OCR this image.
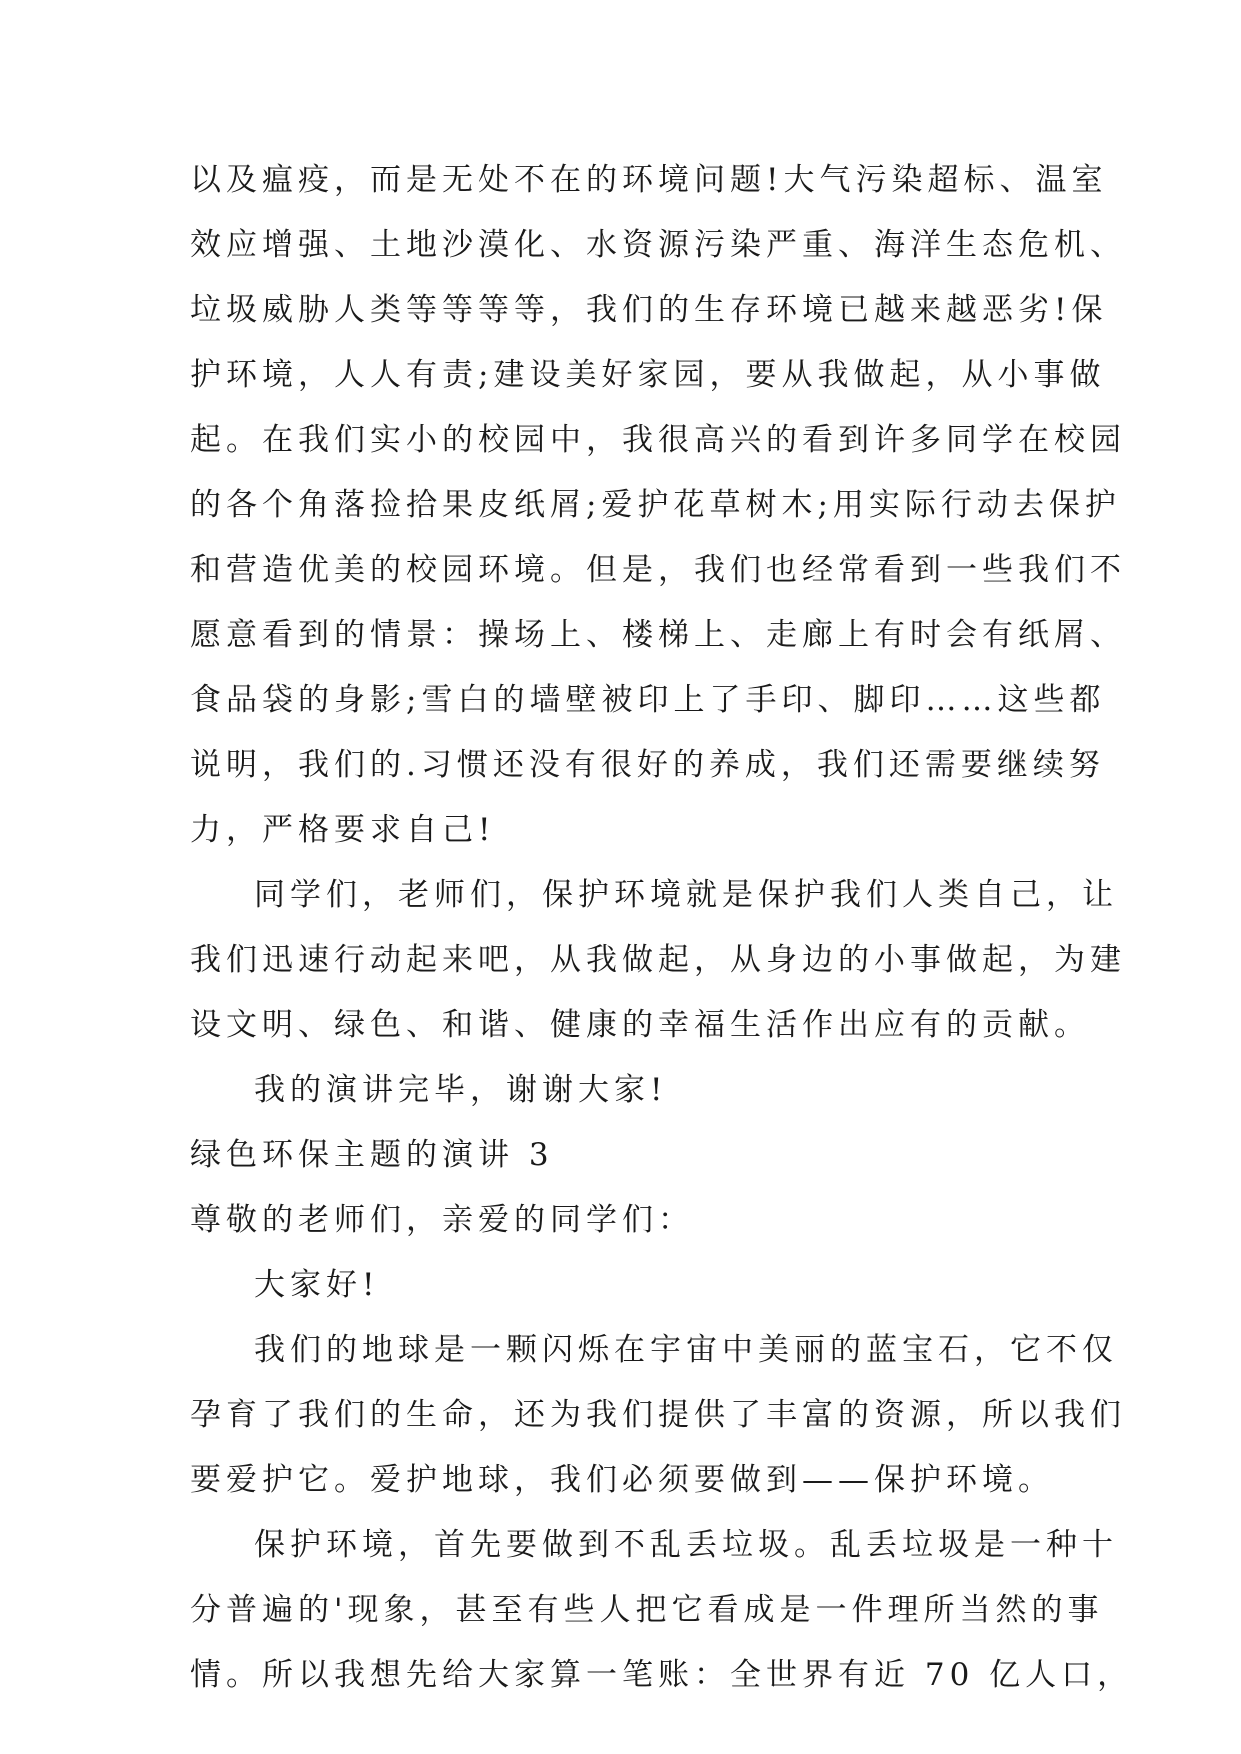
以及瘟疫，而是无处不在的环境问题!大气污染超标、温室
效应增强、土地沙漠化、水资源污染严重、海洋生态危机、
垃圾威胁人类等等等等，我们的生存环境已越来越恶劣!保
护环境，人人有责;建设美好家园，要从我做起，从小事做
起。在我们实小的校园中，我很高兴的看到许多同学在校园
的各个角落捡拾果皮纸屑;爱护花草树木;用实际行动去保护
和营造优美的校园环境。但是，我们也经常看到一些我们不
愿意看到的情景：操场上、楼梯上、走廊上有时会有纸屑、
食品袋的身影;雪白的墙壁被印上了手印、脚印……这些都
说明，我们的.习惯还没有很好的养成，我们还需要继续努
力，严格要求自己!
同学们，老师们，保护环境就是保护我们人类自己，让
我们迅速行动起来吧，从我做起，从身边的小事做起，为建
设文明、绿色、和谐、健康的幸福生活作出应有的贡献。
我的演讲完毕，谢谢大家!
绿色环保主题的演讲 3
尊敬的老师们，亲爱的同学们：
大家好!
我们的地球是一颗闪烁在宇宙中美丽的蓝宝石，它不仅
孕育了我们的生命，还为我们提供了丰富的资源，所以我们
要爱护它。爱护地球，我们必须要做到——保护环境。
保护环境，首先要做到不乱丢垃圾。乱丢垃圾是一种十
分普遍的'现象，甚至有些人把它看成是一件理所当然的事
情。所以我想先给大家算一笔账：全世界有近 70 亿人口，
